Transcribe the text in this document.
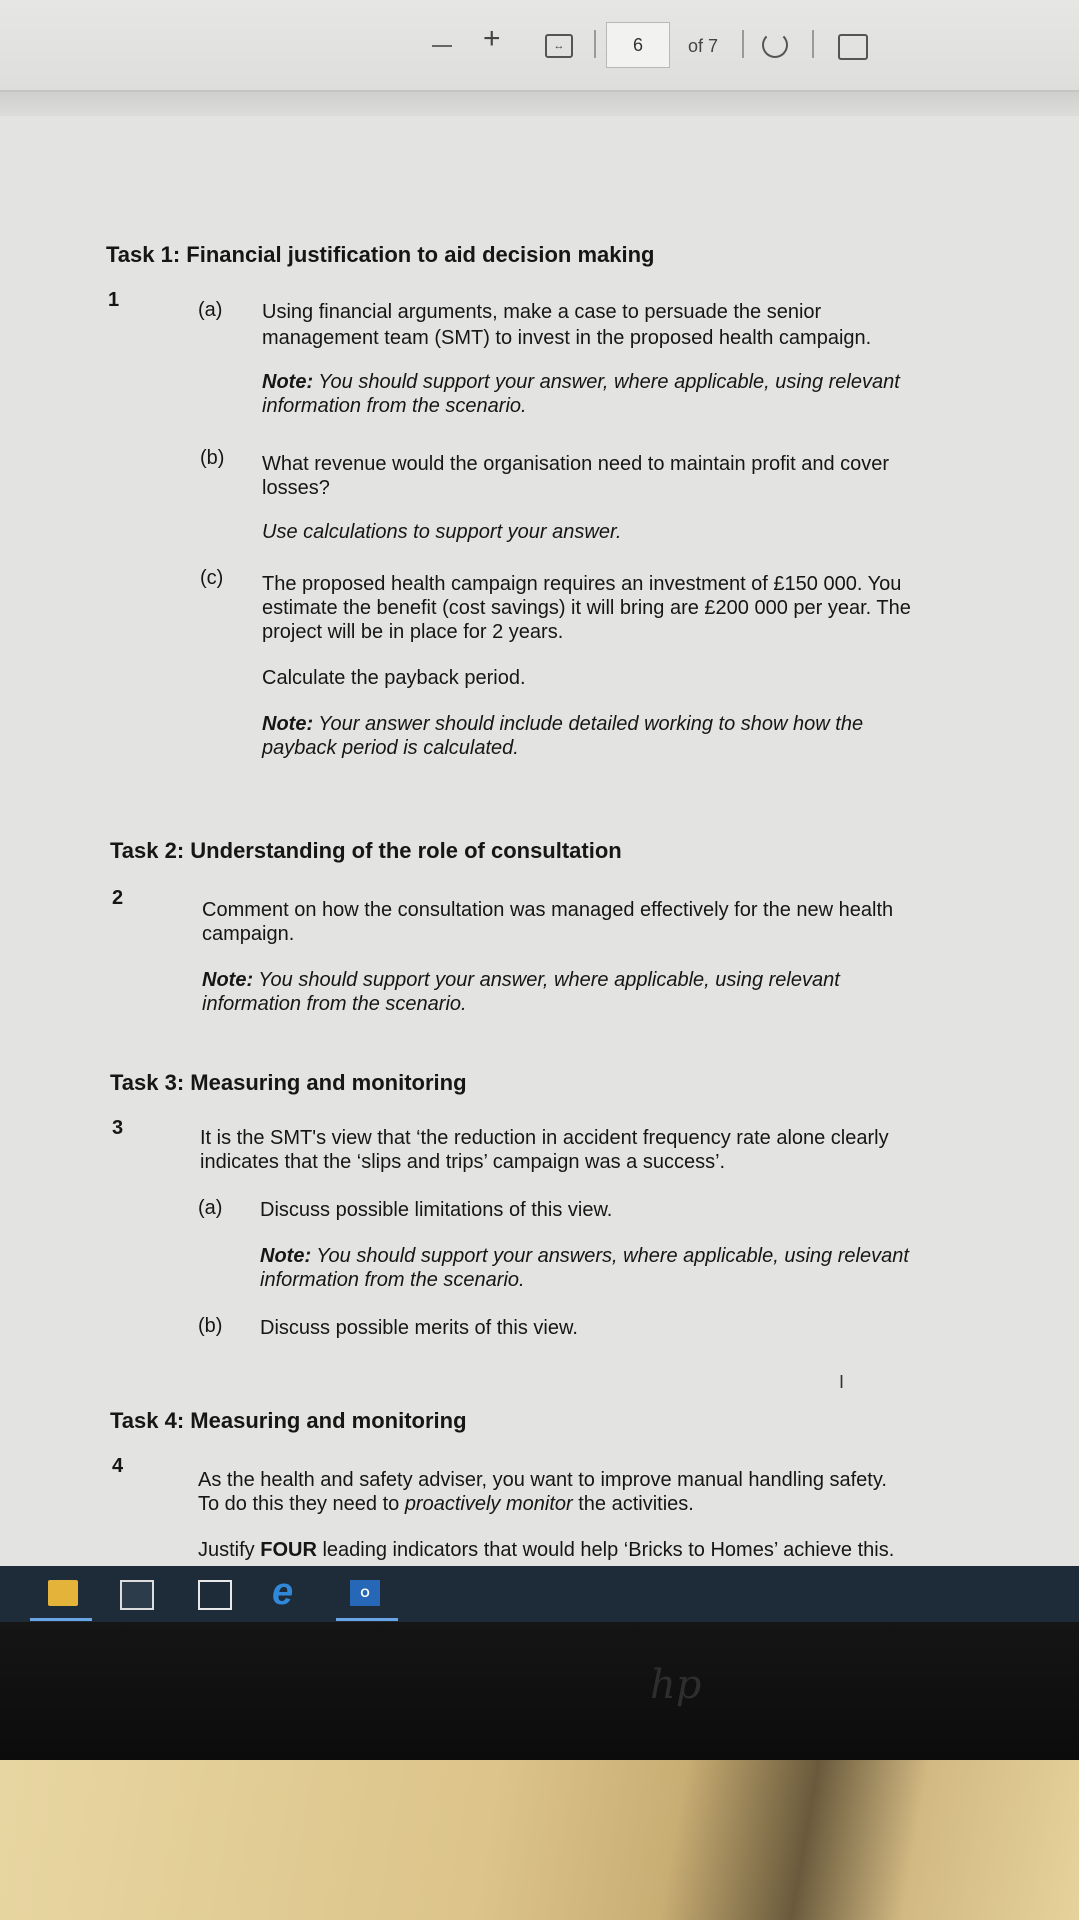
+	↔	6	of 7
Task 1: Financial justification to aid decision making
1	(a) Using financial arguments, make a case to persuade the senior
management team (SMT) to invest in the proposed health campaign.
Note: You should support your answer, where applicable, using relevant
information from the scenario.
(b) What revenue would the organisation need to maintain profit and cover
losses?
Use calculations to support your answer.
(c) The proposed health campaign requires an investment of £150 000. You
estimate the benefit (cost savings) it will bring are £200 000 per year. The
project will be in place for 2 years.
Calculate the payback period.
Note: Your answer should include detailed working to show how the
payback period is calculated.
Task 2: Understanding of the role of consultation
2
Comment on how the consultation was managed effectively for the new health
campaign.
Note: You should support your answer, where applicable, using relevant
information from the scenario.
Task 3: Measuring and monitoring
3	It is the SMT's view that ‘the reduction in accident frequency rate alone clearly
indicates that the ‘slips and trips’ campaign was a success’.
(a) Discuss possible limitations of this view.
Note: You should support your answers, where applicable, using relevant
information from the scenario.
(b) Discuss possible merits of this view.
Task 4: Measuring and monitoring
4
As the health and safety adviser, you want to improve manual handling safety.
To do this they need to proactively monitor the activities.
Justify FOUR leading indicators that would help ‘Bricks to Homes’ achieve this.
I
e	O
hp
